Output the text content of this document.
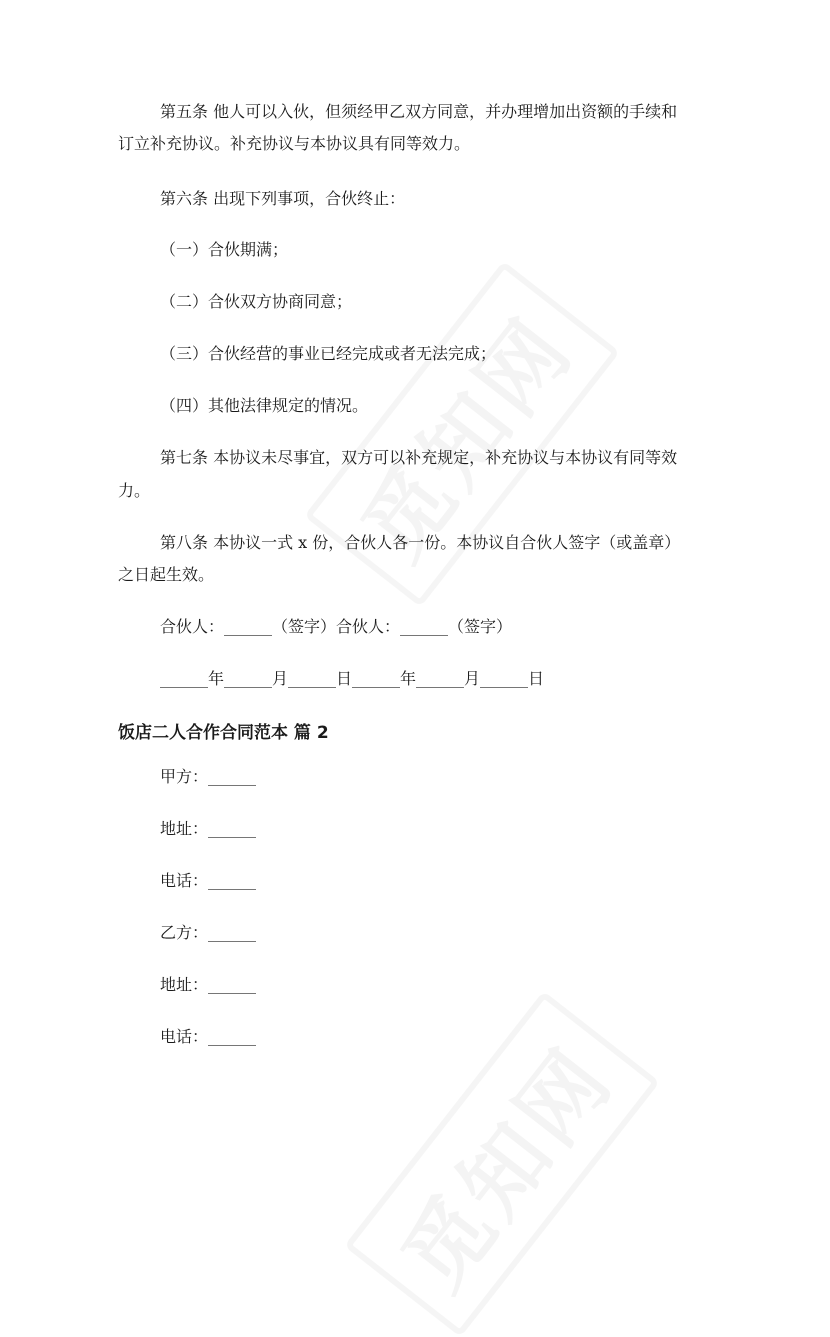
第五条 他人可以入伙，但须经甲乙双方同意，并办理增加出资额的手续和
订立补充协议。补充协议与本协议具有同等效力。
第六条 出现下列事项，合伙终止：
（一）合伙期满；
（二）合伙双方协商同意；
（三）合伙经营的事业已经完成或者无法完成；
（四）其他法律规定的情况。
第七条 本协议未尽事宜，双方可以补充规定，补充协议与本协议有同等效
力。
第八条 本协议一式 x 份，合伙人各一份。本协议自合伙人签字（或盖章）
之日起生效。
合伙人：______（签字）合伙人：______（签字）
______年______月______日______年______月______日
饭店二人合作合同范本 篇 2
甲方：______
地址：______
电话：______
乙方：______
地址：______
电话：______
